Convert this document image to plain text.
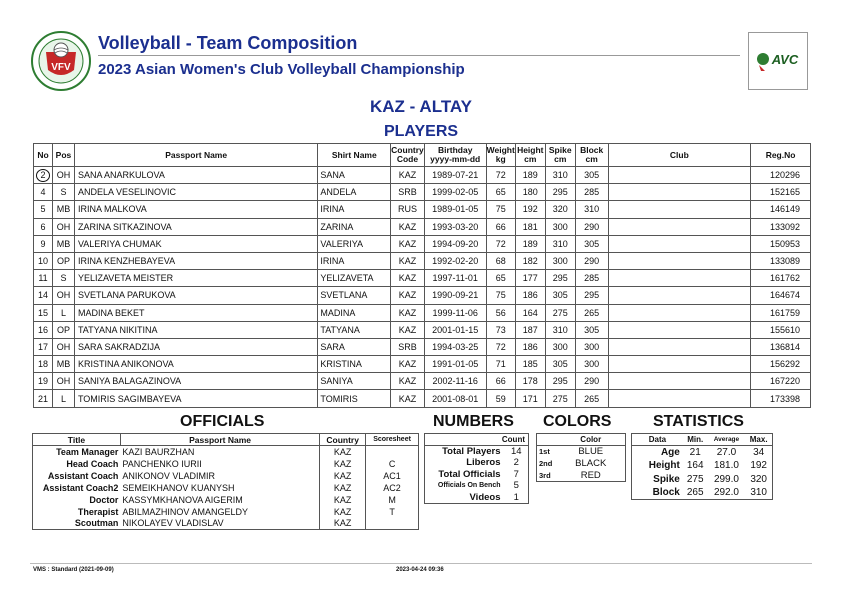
VFV
Volleyball - Team Composition
2023 Asian Women's Club Volleyball Championship
AVC
KAZ - ALTAY
PLAYERS
No	Pos	Passport Name	Shirt Name	Country
Code	Birthday
yyyy-mm-dd	Weight
kg	Height
cm	Spike
cm	Block
cm	Club	Reg.No
2	OH	SANA ANARKULOVA	SANA	KAZ	1989-07-21	72	189	310	305		120296
4	S	ANDELA VESELINOVIC	ANDELA	SRB	1999-02-05	65	180	295	285		152165
5	MB	IRINA MALKOVA	IRINA	RUS	1989-01-05	75	192	320	310		146149
6	OH	ZARINA SITKAZINOVA	ZARINA	KAZ	1993-03-20	66	181	300	290		133092
9	MB	VALERIYA CHUMAK	VALERIYA	KAZ	1994-09-20	72	189	310	305		150953
10	OP	IRINA KENZHEBAYEVA	IRINA	KAZ	1992-02-20	68	182	300	290		133089
11	S	YELIZAVETA MEISTER	YELIZAVETA	KAZ	1997-11-01	65	177	295	285		161762
14	OH	SVETLANA PARUKOVA	SVETLANA	KAZ	1990-09-21	75	186	305	295		164674
15	L	MADINA BEKET	MADINA	KAZ	1999-11-06	56	164	275	265		161759
16	OP	TATYANA NIKITINA	TATYANA	KAZ	2001-01-15	73	187	310	305		155610
17	OH	SARA SAKRADZIJA	SARA	SRB	1994-03-25	72	186	300	300		136814
18	MB	KRISTINA ANIKONOVA	KRISTINA	KAZ	1991-01-05	71	185	305	300		156292
19	OH	SANIYA BALAGAZINOVA	SANIYA	KAZ	2002-11-16	66	178	295	290		167220
21	L	TOMIRIS SAGIMBAYEVA	TOMIRIS	KAZ	2001-08-01	59	171	275	265		173398
OFFICIALS	NUMBERS COLORS	STATISTICS
Title	Passport Name	Country	Scoresheet
Team Manager	KAZI BAURZHAN	KAZ	
Head Coach	PANCHENKO IURII	KAZ	C
Assistant Coach	ANIKONOV VLADIMIR	KAZ	AC1
Assistant Coach2	SEMEIKHANOV KUANYSH	KAZ	AC2
Doctor	KASSYMKHANOVA AIGERIM	KAZ	M
Therapist	ABILMAZHINOV AMANGELDY	KAZ	T
Scoutman	NIKOLAYEV VLADISLAV	KAZ	
Count	
Total Players	14
Liberos	2
Total Officials	7
Officials On Bench	5
Videos	1
	Color
1st	BLUE
2nd	BLACK
3rd	RED
Data	Min.	Average	Max.
Age	21	27.0	34
Height	164	181.0	192
Spike	275	299.0	320
Block	265	292.0	310
VMS : Standard (2021-09-09)	2023-04-24 09:36
